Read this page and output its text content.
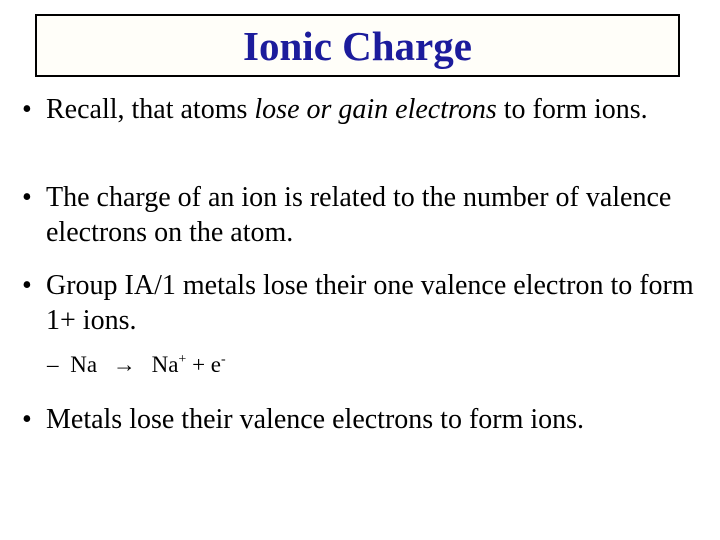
Ionic Charge
• Recall, that atoms lose or gain electrons to form ions.
• The charge of an ion is related to the number of valence electrons on the atom.
• Group IA/1 metals lose their one valence electron to form 1+ ions.
– Na → Na+ + e-
• Metals lose their valence electrons to form ions.
